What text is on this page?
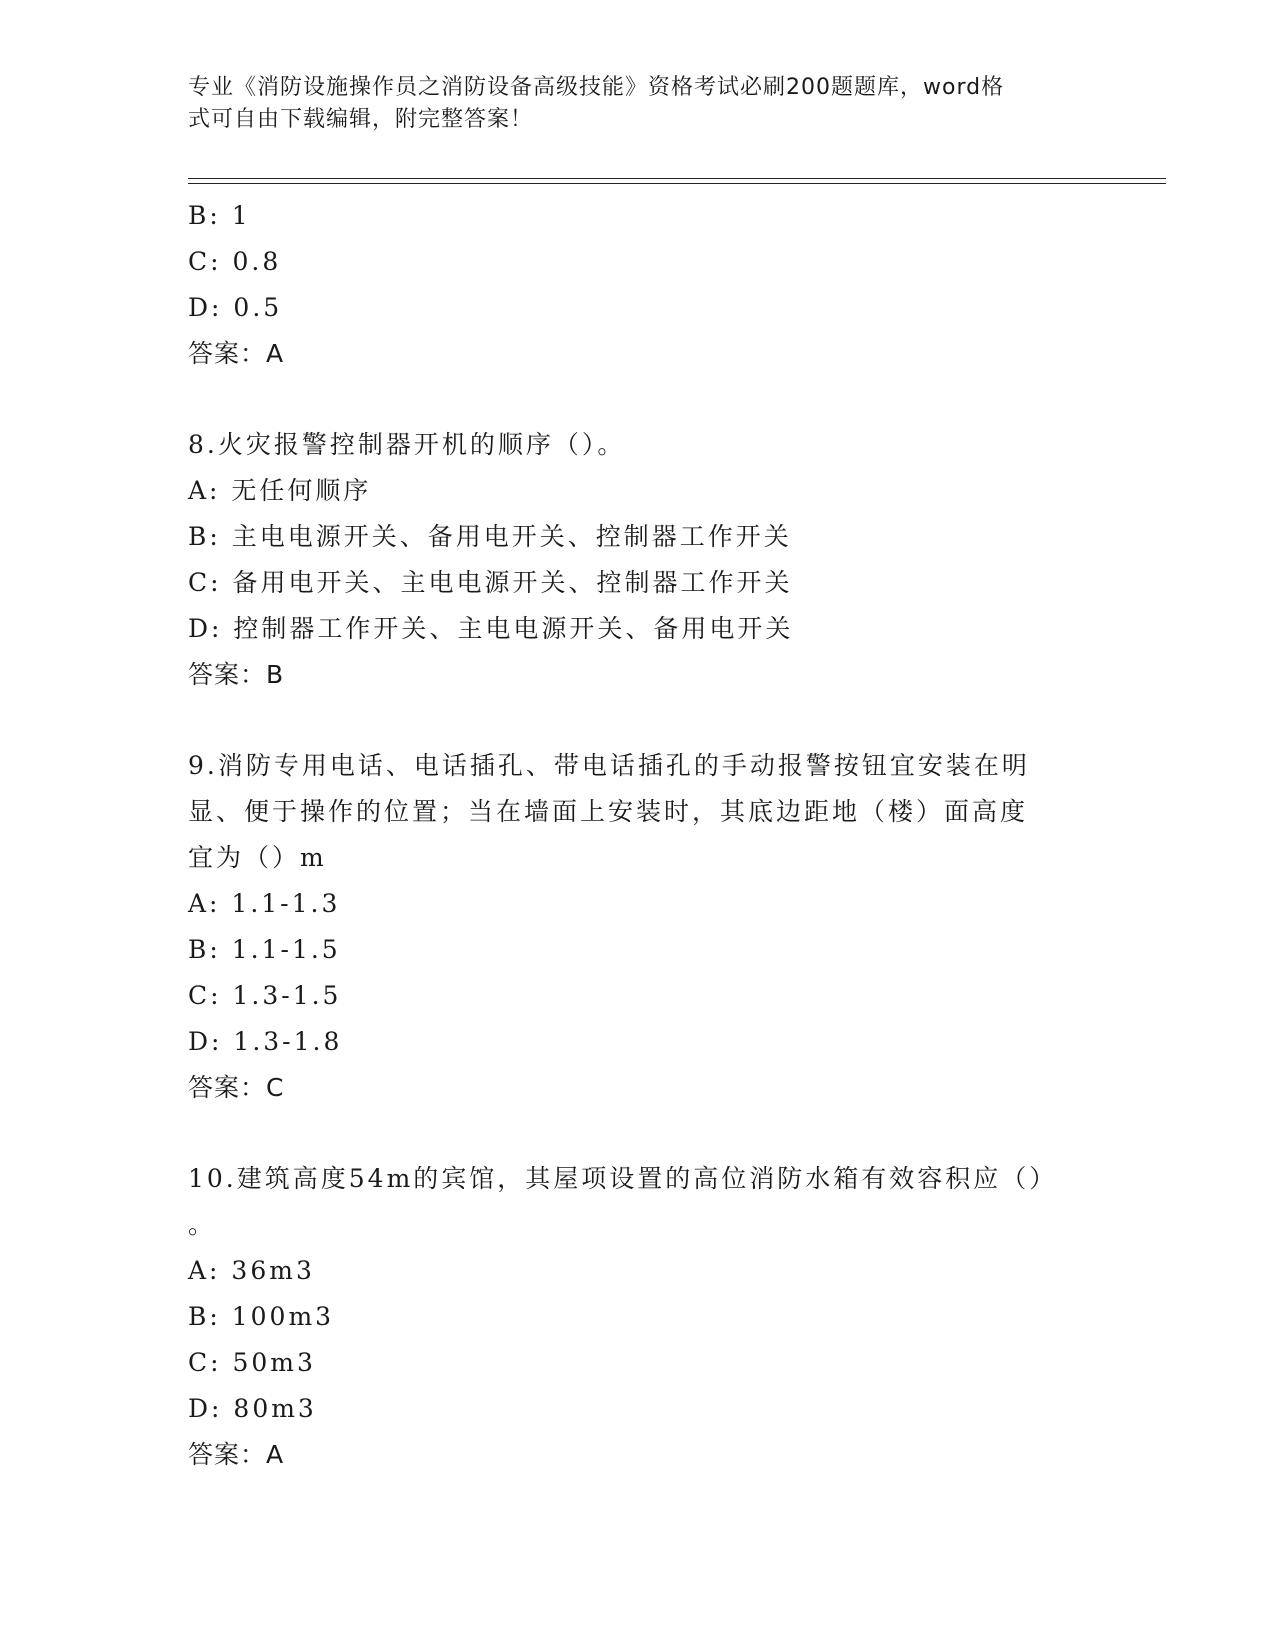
专业《消防设施操作员之消防设备高级技能》资格考试必刷200题题库，word格
式可自由下载编辑，附完整答案！
B: 1
C: 0.8
D: 0.5
答案：A
8.火灾报警控制器开机的顺序（）。
A: 无任何顺序
B: 主电电源开关、备用电开关、控制器工作开关
C: 备用电开关、主电电源开关、控制器工作开关
D: 控制器工作开关、主电电源开关、备用电开关
答案：B
9.消防专用电话、电话插孔、带电话插孔的手动报警按钮宜安装在明
显、便于操作的位置；当在墙面上安装时，其底边距地（楼）面高度
宜为（）m
A: 1.1-1.3
B: 1.1-1.5
C: 1.3-1.5
D: 1.3-1.8
答案：C
10.建筑高度54m的宾馆，其屋项设置的高位消防水箱有效容积应（）
。
A: 36m3
B: 100m3
C: 50m3
D: 80m3
答案：A
